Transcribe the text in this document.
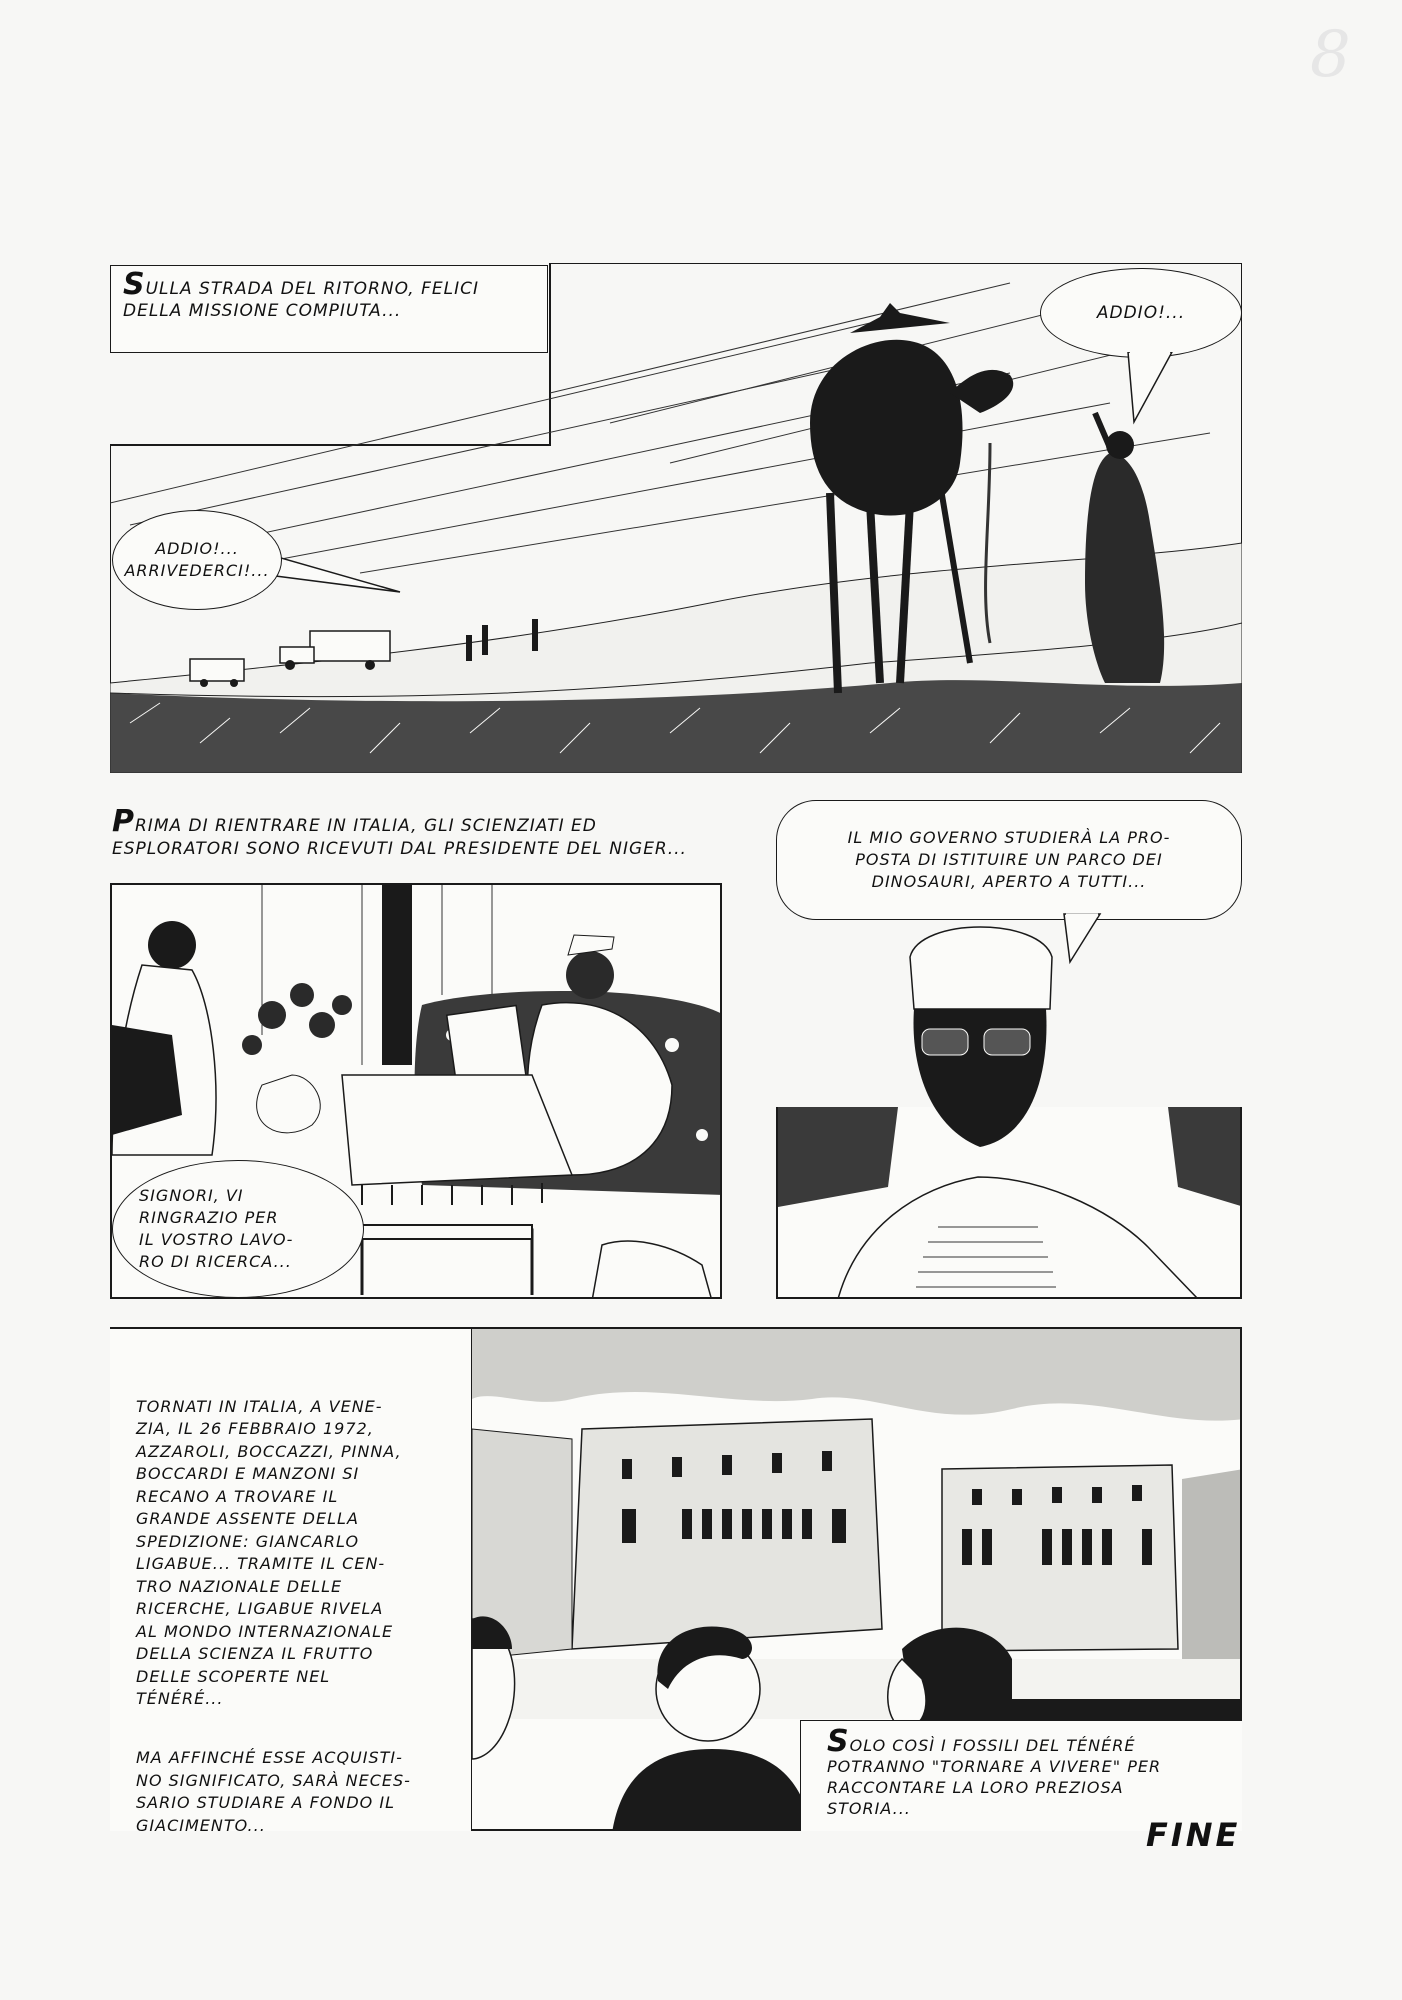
8
SULLA STRADA DEL RITORNO, FELICI
DELLA MISSIONE COMPIUTA...	ADDIO!...
ADDIO!...
ARRIVEDERCI!...
PRIMA DI RIENTRARE IN ITALIA, GLI SCIENZIATI ED
ESPLORATORI SONO RICEVUTI DAL PRESIDENTE DEL NIGER...
SIGNORI, VI
RINGRAZIO PER
IL VOSTRO LAVO-
RO DI RICERCA...
IL MIO GOVERNO STUDIERÀ LA PRO-
POSTA DI ISTITUIRE UN PARCO DEI
DINOSAURI, APERTO A TUTTI...

TORNATI IN ITALIA, A VENE-
ZIA, IL 26 FEBBRAIO 1972,
AZZAROLI, BOCCAZZI, PINNA,
BOCCARDI E MANZONI SI
RECANO A TROVARE IL
GRANDE ASSENTE DELLA
SPEDIZIONE: GIANCARLO
LIGABUE... TRAMITE IL CEN-
TRO NAZIONALE DELLE
RICERCHE, LIGABUE RIVELA
AL MONDO INTERNAZIONALE
DELLA SCIENZA IL FRUTTO
DELLE SCOPERTE NEL
TÉNÉRÉ...

MA AFFINCHÉ ESSE ACQUISTI-
NO SIGNIFICATO, SARÀ NECES-
SARIO STUDIARE A FONDO IL
GIACIMENTO...

SOLO COSÌ I FOSSILI DEL TÉNÉRÉ
POTRANNO "TORNARE A VIVERE" PER
RACCONTARE LA LORO PREZIOSA
STORIA...
FINE
